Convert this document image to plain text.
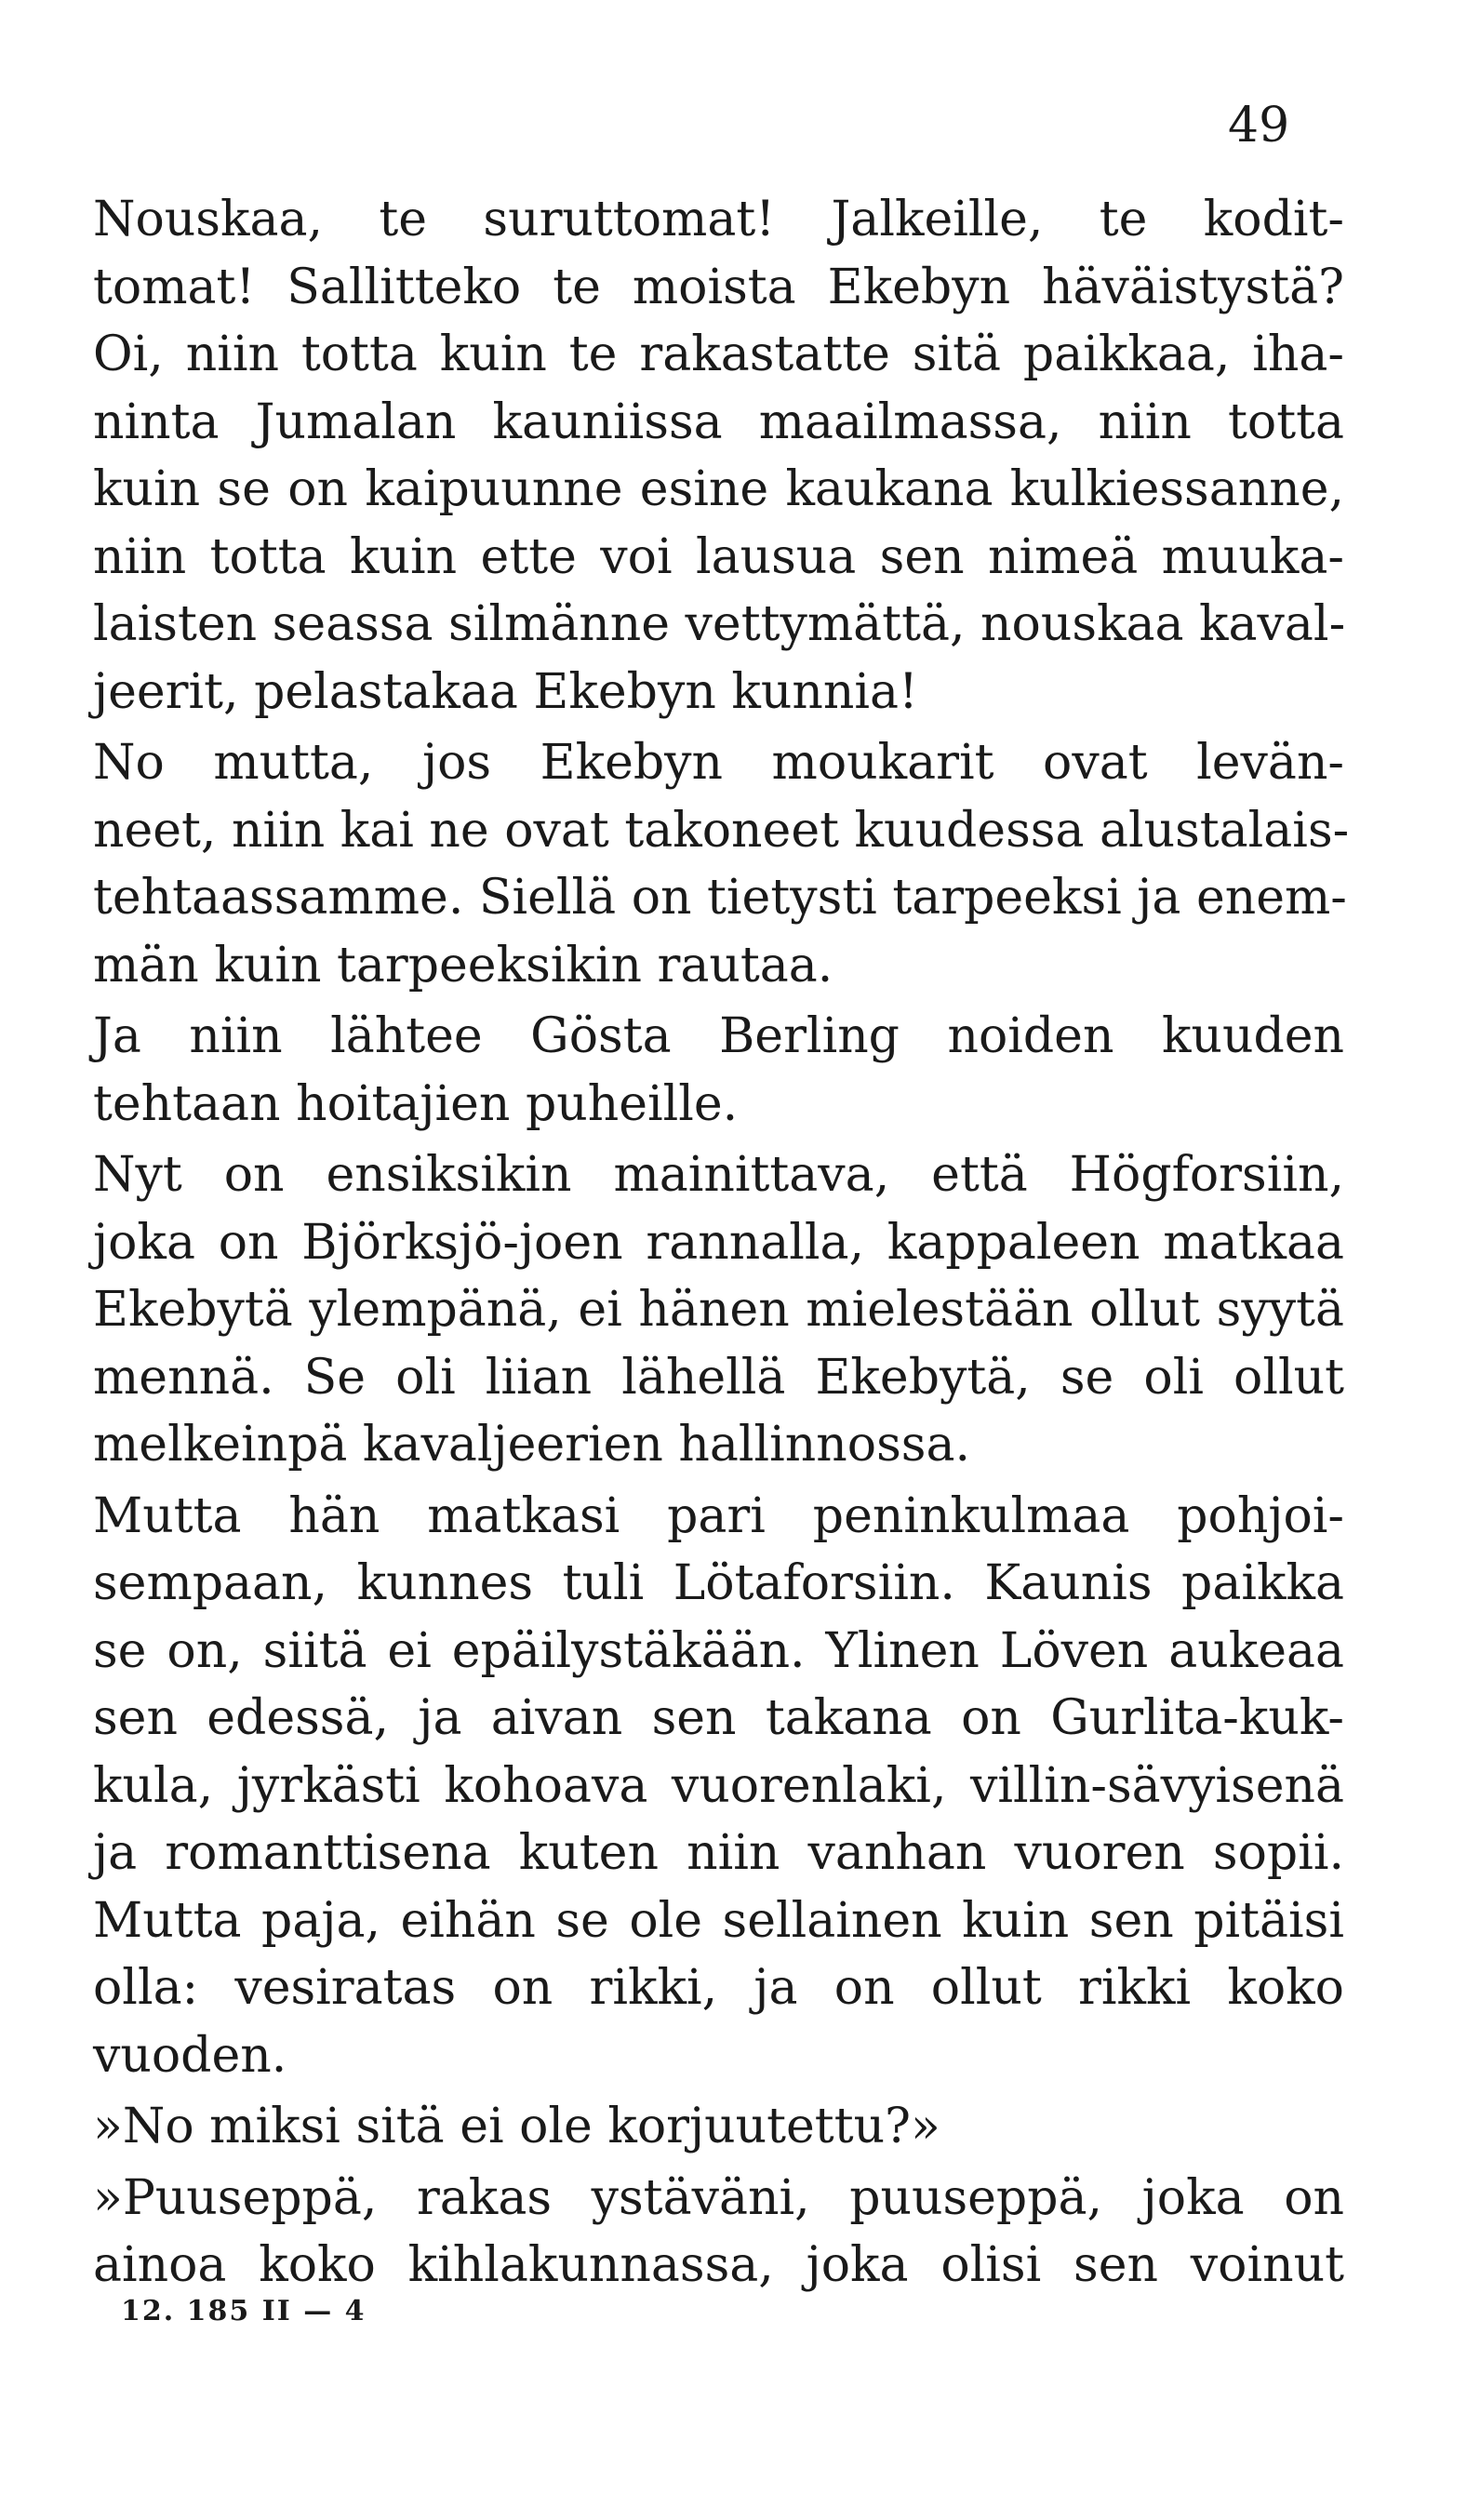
49
Nouskaa, te suruttomat! Jalkeille, te kodit-
tomat! Sallitteko te moista Ekebyn häväistystä?
Oi, niin totta kuin te rakastatte sitä paikkaa, iha-
ninta Jumalan kauniissa maailmassa, niin totta
kuin se on kaipuunne esine kaukana kulkiessanne,
niin totta kuin ette voi lausua sen nimeä muuka-
laisten seassa silmänne vettymättä, nouskaa kaval-
jeerit, pelastakaa Ekebyn kunnia!
No mutta, jos Ekebyn moukarit ovat levän-
neet, niin kai ne ovat takoneet kuudessa alustalais-
tehtaassamme. Siellä on tietysti tarpeeksi ja enem-
män kuin tarpeeksikin rautaa.
Ja niin lähtee Gösta Berling noiden kuuden
tehtaan hoitajien puheille.
Nyt on ensiksikin mainittava, että Högforsiin,
joka on Björksjö-joen rannalla, kappaleen matkaa
Ekebytä ylempänä, ei hänen mielestään ollut syytä
mennä. Se oli liian lähellä Ekebytä, se oli ollut
melkeinpä kavaljeerien hallinnossa.
Mutta hän matkasi pari peninkulmaa pohjoi-
sempaan, kunnes tuli Lötaforsiin. Kaunis paikka
se on, siitä ei epäilystäkään. Ylinen Löven aukeaa
sen edessä, ja aivan sen takana on Gurlita-kuk-
kula, jyrkästi kohoava vuorenlaki, villin-sävyisenä
ja romanttisena kuten niin vanhan vuoren sopii.
Mutta paja, eihän se ole sellainen kuin sen pitäisi
olla: vesiratas on rikki, ja on ollut rikki koko
vuoden.
»No miksi sitä ei ole korjuutettu?»
»Puuseppä, rakas ystäväni, puuseppä, joka on
ainoa koko kihlakunnassa, joka olisi sen voinut
12. 185 II — 4
